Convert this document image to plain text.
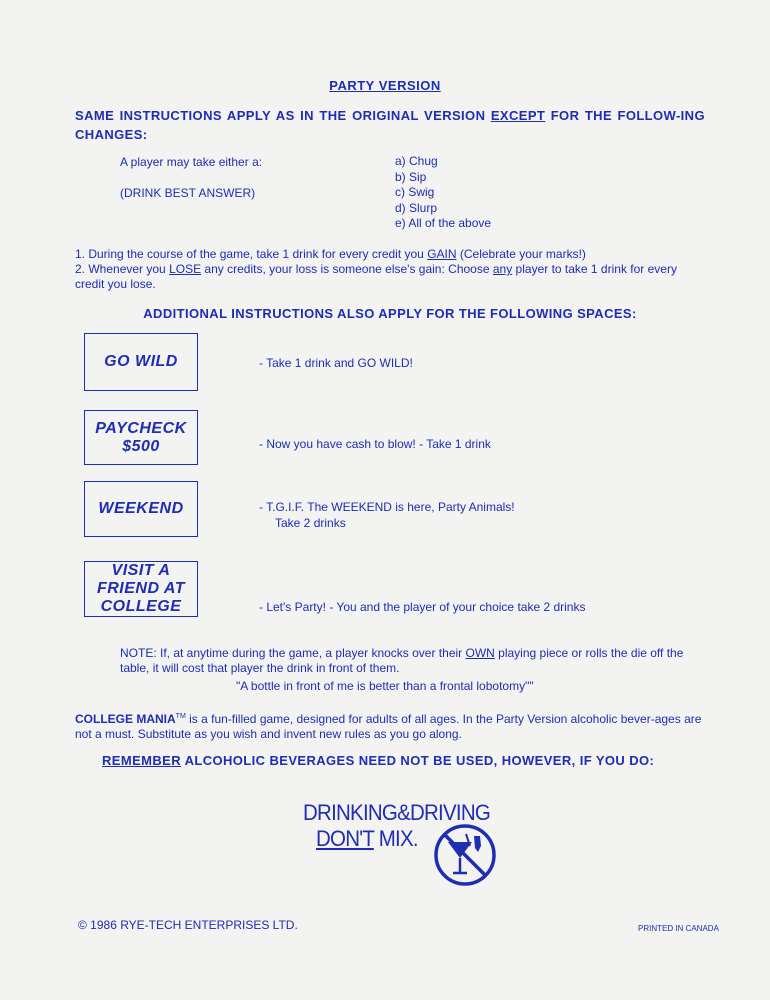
PARTY VERSION
SAME INSTRUCTIONS APPLY AS IN THE ORIGINAL VERSION EXCEPT FOR THE FOLLOW-ING CHANGES:
A player may take either a:
(DRINK BEST ANSWER)
a) Chug
b) Sip
c) Swig
d) Slurp
e) All of the above
1. During the course of the game, take 1 drink for every credit you GAIN (Celebrate your marks!)
2. Whenever you LOSE any credits, your loss is someone else's gain: Choose any player to take 1 drink for every credit you lose.
ADDITIONAL INSTRUCTIONS ALSO APPLY FOR THE FOLLOWING SPACES:
GO WILD	- Take 1 drink and GO WILD!
PAYCHECK
$500	- Now you have cash to blow! - Take 1 drink
WEEKEND	- T.G.I.F. The WEEKEND is here, Party Animals!
Take 2 drinks
VISIT A
FRIEND AT
COLLEGE	- Let's Party! - You and the player of your choice take 2 drinks
NOTE: If, at anytime during the game, a player knocks over their OWN playing piece or rolls the die off the table, it will cost that player the drink in front of them.
"A bottle in front of me is better than a frontal lobotomy""
COLLEGE MANIA™ is a fun-filled game, designed for adults of all ages. In the Party Version alcoholic bever-ages are not a must. Substitute as you wish and invent new rules as you go along.
REMEMBER ALCOHOLIC BEVERAGES NEED NOT BE USED, HOWEVER, IF YOU DO:
DRINKING&DRIVING
DON'T MIX.
© 1986 RYE-TECH ENTERPRISES LTD.	PRINTED IN CANADA
